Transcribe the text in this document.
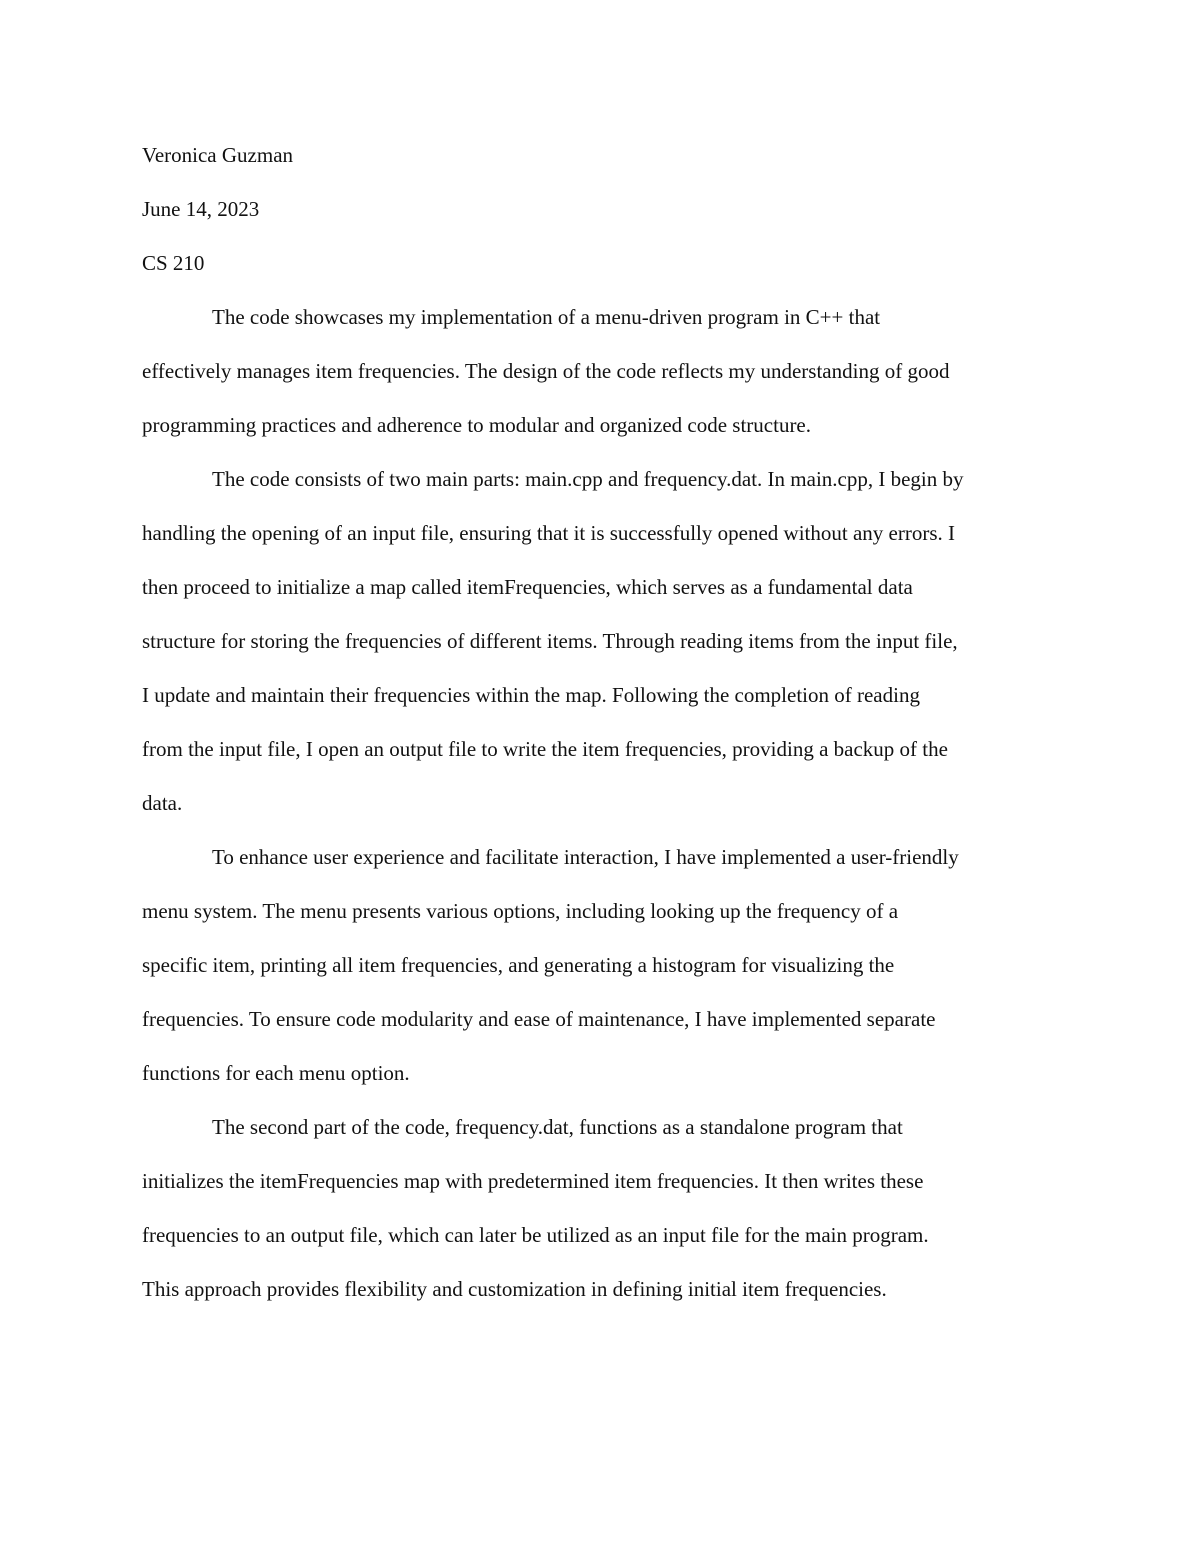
Veronica Guzman
June 14, 2023
CS 210
The code showcases my implementation of a menu-driven program in C++ that
effectively manages item frequencies. The design of the code reflects my understanding of good
programming practices and adherence to modular and organized code structure.
The code consists of two main parts: main.cpp and frequency.dat. In main.cpp, I begin by
handling the opening of an input file, ensuring that it is successfully opened without any errors. I
then proceed to initialize a map called itemFrequencies, which serves as a fundamental data
structure for storing the frequencies of different items. Through reading items from the input file,
I update and maintain their frequencies within the map. Following the completion of reading
from the input file, I open an output file to write the item frequencies, providing a backup of the
data.
To enhance user experience and facilitate interaction, I have implemented a user-friendly
menu system. The menu presents various options, including looking up the frequency of a
specific item, printing all item frequencies, and generating a histogram for visualizing the
frequencies. To ensure code modularity and ease of maintenance, I have implemented separate
functions for each menu option.
The second part of the code, frequency.dat, functions as a standalone program that
initializes the itemFrequencies map with predetermined item frequencies. It then writes these
frequencies to an output file, which can later be utilized as an input file for the main program.
This approach provides flexibility and customization in defining initial item frequencies.
